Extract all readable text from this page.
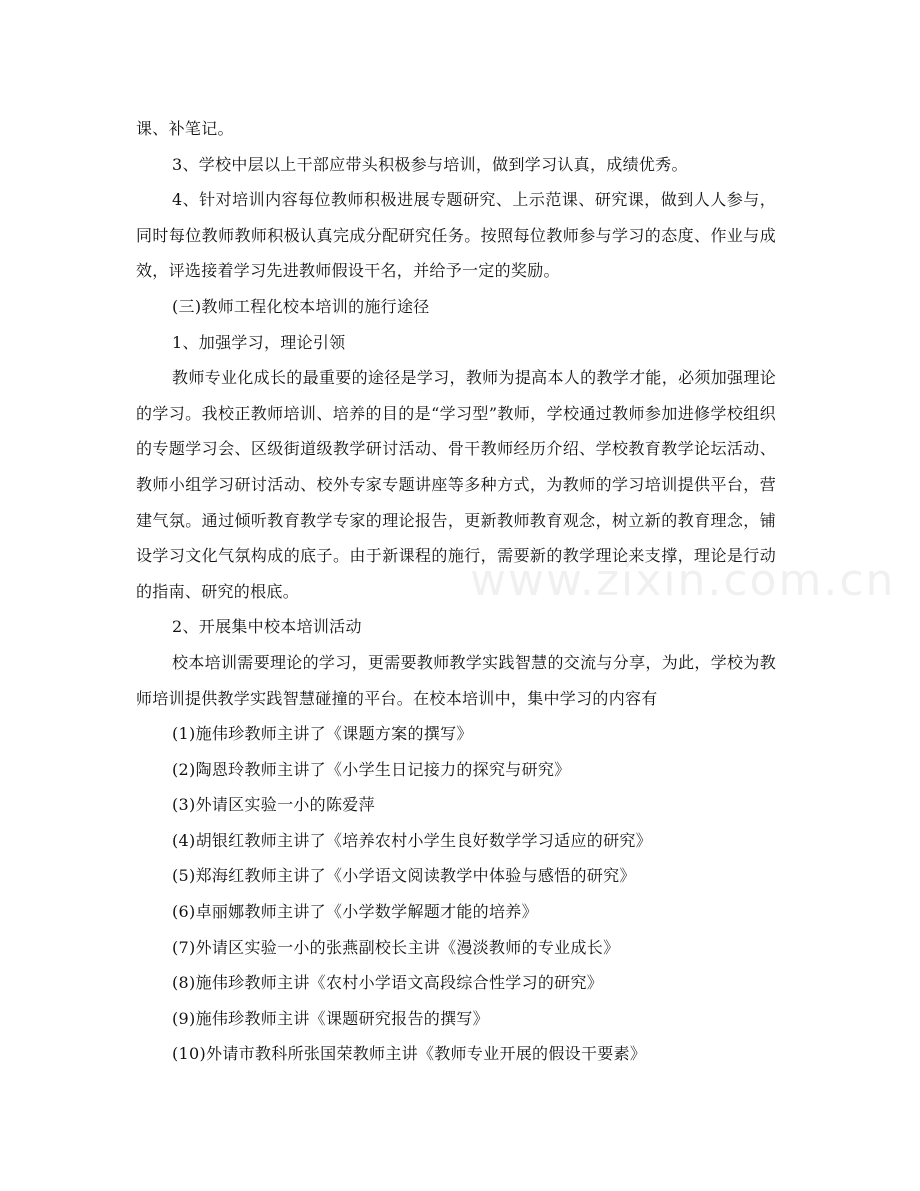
课、补笔记。

3、学校中层以上干部应带头积极参与培训，做到学习认真，成绩优秀。

4、针对培训内容每位教师积极进展专题研究、上示范课、研究课，做到人人参与，同时每位教师教师积极认真完成分配研究任务。按照每位教师参与学习的态度、作业与成效，评选接着学习先进教师假设干名，并给予一定的奖励。

(三)教师工程化校本培训的施行途径

1、加强学习，理论引领

教师专业化成长的最重要的途径是学习，教师为提高本人的教学才能，必须加强理论的学习。我校正教师培训、培养的目的是“学习型”教师，学校通过教师参加进修学校组织的专题学习会、区级街道级教学研讨活动、骨干教师经历介绍、学校教育教学论坛活动、教师小组学习研讨活动、校外专家专题讲座等多种方式，为教师的学习培训提供平台，营建气氛。通过倾听教育教学专家的理论报告，更新教师教育观念，树立新的教育理念，铺设学习文化气氛构成的底子。由于新课程的施行，需要新的教学理论来支撑，理论是行动的指南、研究的根底。

2、开展集中校本培训活动

校本培训需要理论的学习，更需要教师教学实践智慧的交流与分享，为此，学校为教师培训提供教学实践智慧碰撞的平台。在校本培训中，集中学习的内容有

(1)施伟珍教师主讲了《课题方案的撰写》

(2)陶恩玲教师主讲了《小学生日记接力的探究与研究》

(3)外请区实验一小的陈爱萍

(4)胡银红教师主讲了《培养农村小学生良好数学学习适应的研究》

(5)郑海红教师主讲了《小学语文阅读教学中体验与感悟的研究》

(6)卓丽娜教师主讲了《小学数学解题才能的培养》

(7)外请区实验一小的张燕副校长主讲《漫淡教师的专业成长》

(8)施伟珍教师主讲《农村小学语文高段综合性学习的研究》

(9)施伟珍教师主讲《课题研究报告的撰写》

(10)外请市教科所张国荣教师主讲《教师专业开展的假设干要素》

www.zixin.com.cn
